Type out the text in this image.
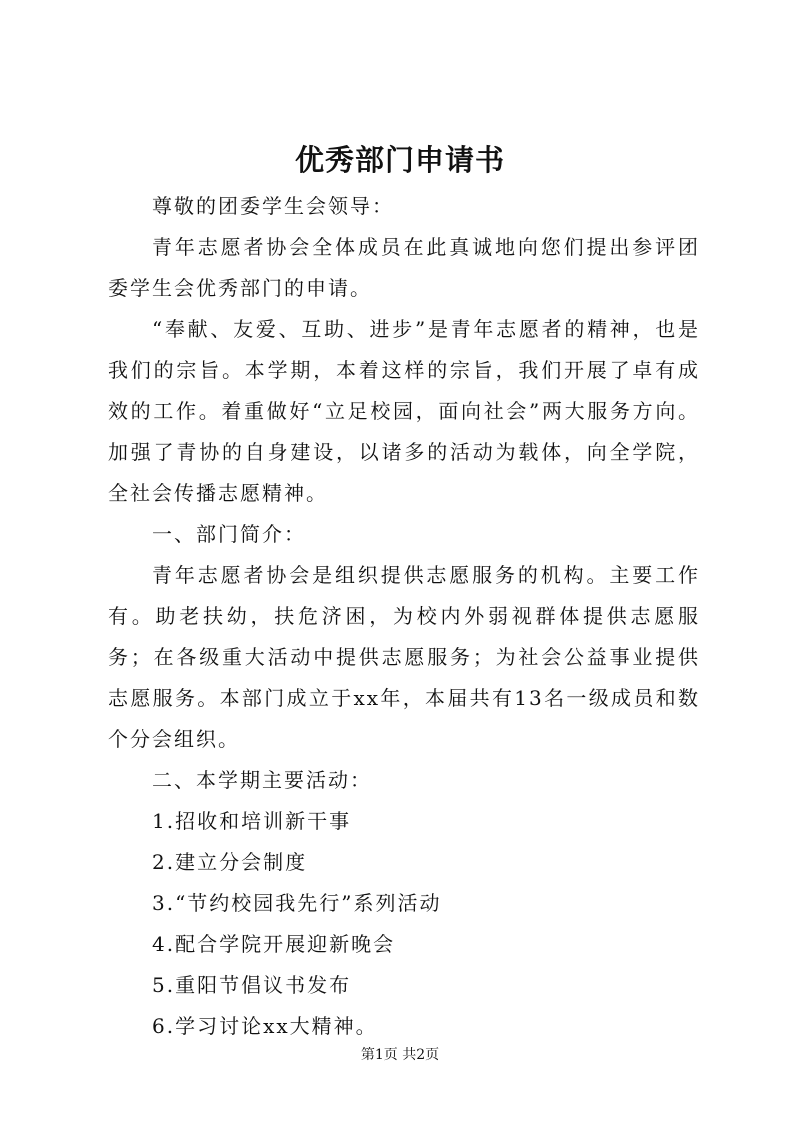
优秀部门申请书

尊敬的团委学生会领导：

青年志愿者协会全体成员在此真诚地向您们提出参评团委学生会优秀部门的申请。

“奉献、友爱、互助、进步”是青年志愿者的精神，也是我们的宗旨。本学期，本着这样的宗旨，我们开展了卓有成效的工作。着重做好“立足校园，面向社会”两大服务方向。加强了青协的自身建设，以诸多的活动为载体，向全学院，全社会传播志愿精神。

一、部门简介：

青年志愿者协会是组织提供志愿服务的机构。主要工作有。助老扶幼，扶危济困，为校内外弱视群体提供志愿服务；在各级重大活动中提供志愿服务；为社会公益事业提供志愿服务。本部门成立于xx年，本届共有13名一级成员和数个分会组织。

二、本学期主要活动：

1.招收和培训新干事

2.建立分会制度

3.“节约校园我先行”系列活动

4.配合学院开展迎新晚会

5.重阳节倡议书发布

6.学习讨论xx大精神。

第1页 共2页
